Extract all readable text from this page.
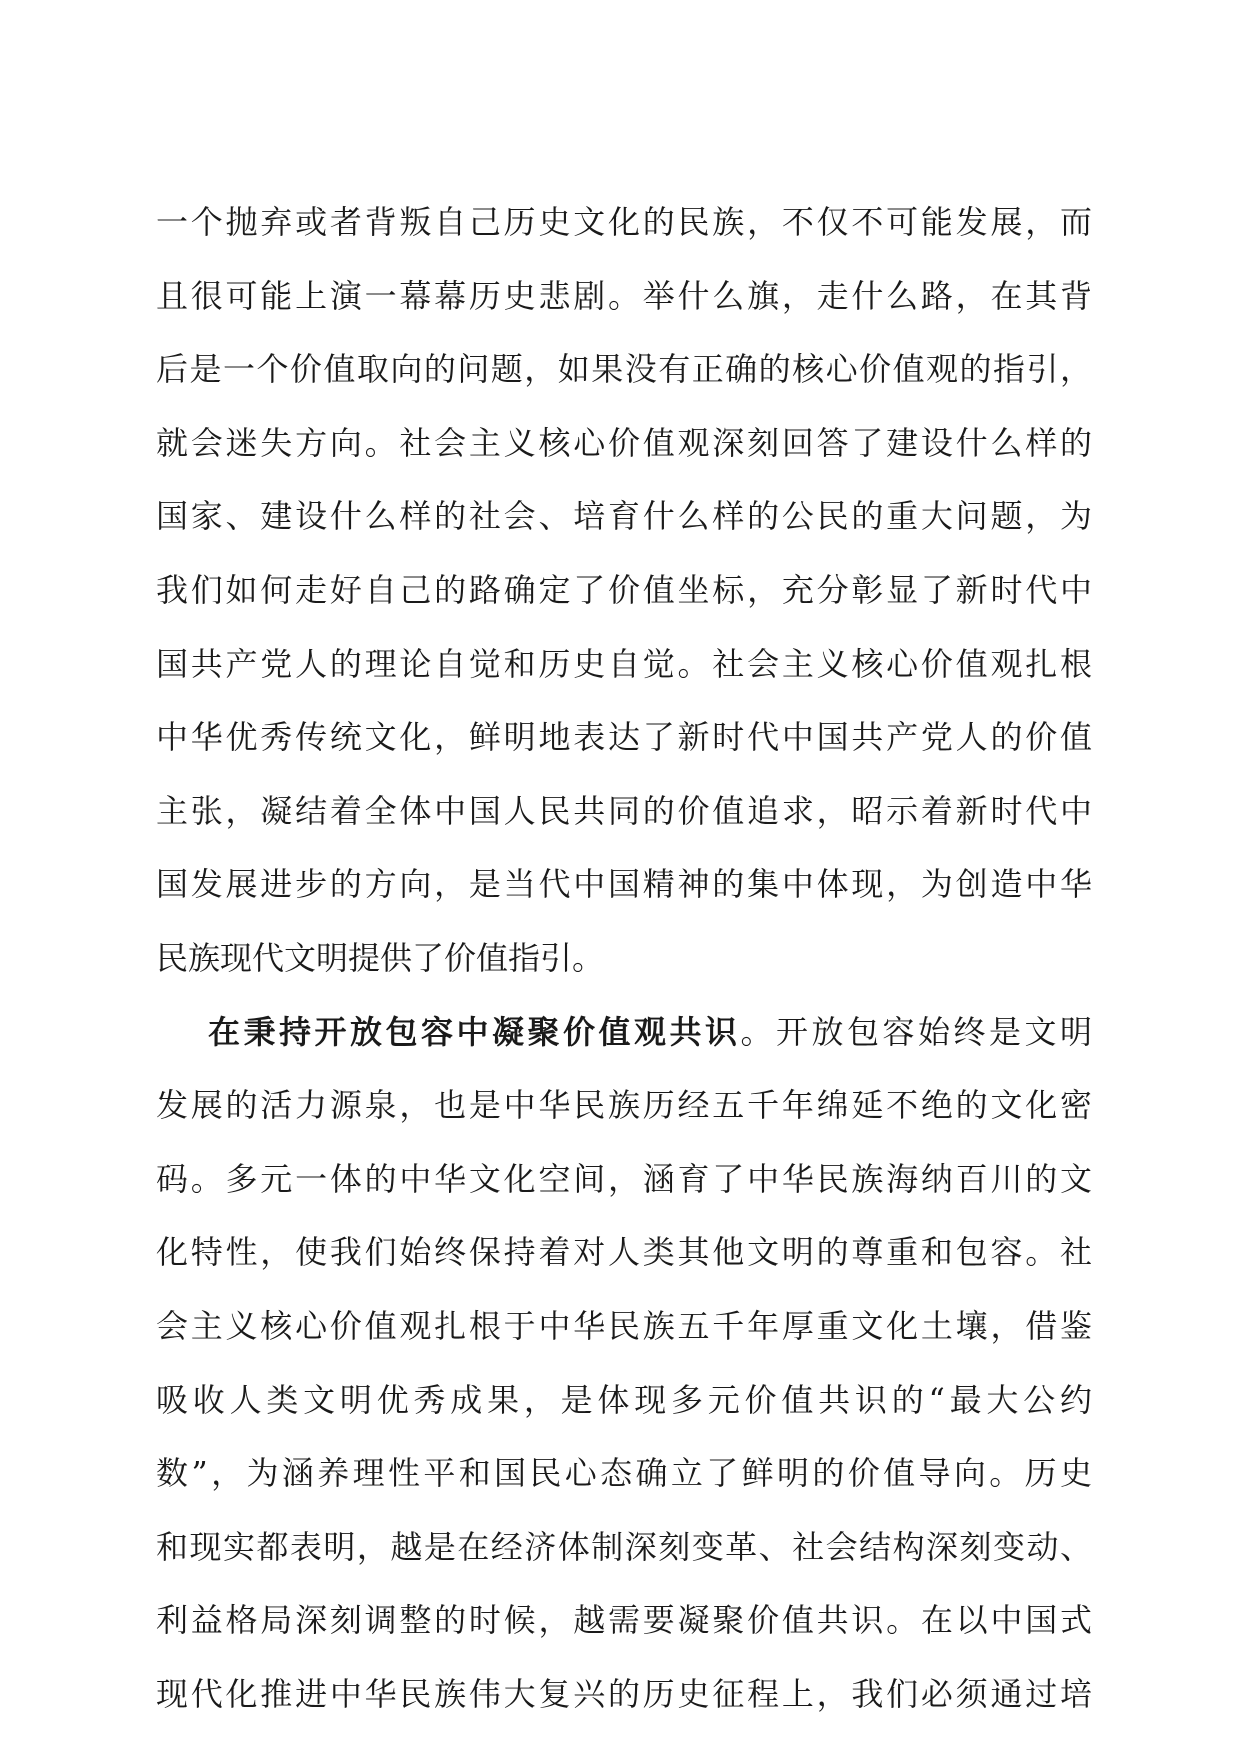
一个抛弃或者背叛自己历史文化的民族，不仅不可能发展，而
且很可能上演一幕幕历史悲剧。举什么旗，走什么路，在其背
后是一个价值取向的问题，如果没有正确的核心价值观的指引，
就会迷失方向。社会主义核心价值观深刻回答了建设什么样的
国家、建设什么样的社会、培育什么样的公民的重大问题，为
我们如何走好自己的路确定了价值坐标，充分彰显了新时代中
国共产党人的理论自觉和历史自觉。社会主义核心价值观扎根
中华优秀传统文化，鲜明地表达了新时代中国共产党人的价值
主张，凝结着全体中国人民共同的价值追求，昭示着新时代中
国发展进步的方向，是当代中国精神的集中体现，为创造中华
民族现代文明提供了价值指引。
在秉持开放包容中凝聚价值观共识。开放包容始终是文明
发展的活力源泉，也是中华民族历经五千年绵延不绝的文化密
码。多元一体的中华文化空间，涵育了中华民族海纳百川的文
化特性，使我们始终保持着对人类其他文明的尊重和包容。社
会主义核心价值观扎根于中华民族五千年厚重文化土壤，借鉴
吸收人类文明优秀成果，是体现多元价值共识的“最大公约
数”，为涵养理性平和国民心态确立了鲜明的价值导向。历史
和现实都表明，越是在经济体制深刻变革、社会结构深刻变动、
利益格局深刻调整的时候，越需要凝聚价值共识。在以中国式
现代化推进中华民族伟大复兴的历史征程上，我们必须通过培
